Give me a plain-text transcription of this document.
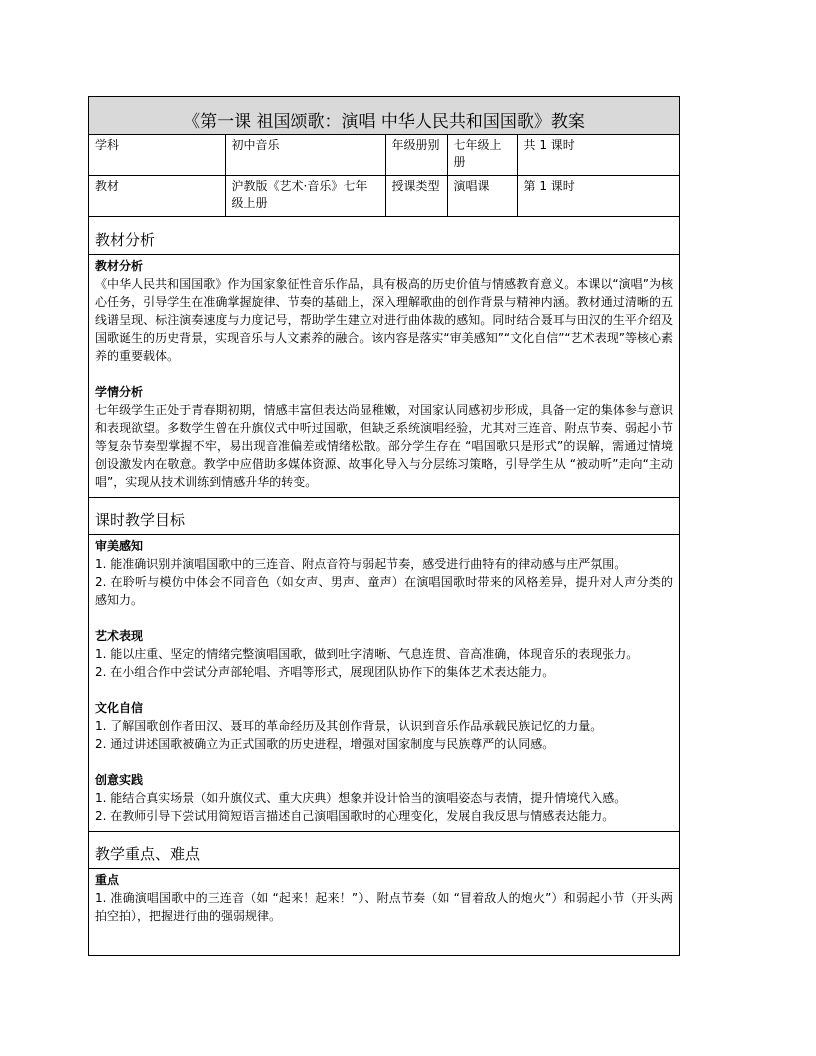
《第一课 祖国颂歌：演唱 中华人民共和国国歌》教案
学科	初中音乐	年级册别	七年级上册	共 1 课时
教材	沪教版《艺术·音乐》七年级上册	授课类型	演唱课	第 1 课时
教材分析
教材分析

《中华人民共和国国歌》作为国家象征性音乐作品，具有极高的历史价值与情感教育意义。本课以“演唱”为核心任务，引导学生在准确掌握旋律、节奏的基础上，深入理解歌曲的创作背景与精神内涵。教材通过清晰的五线谱呈现、标注演奏速度与力度记号，帮助学生建立对进行曲体裁的感知。同时结合聂耳与田汉的生平介绍及国歌诞生的历史背景，实现音乐与人文素养的融合。该内容是落实“审美感知”“文化自信”“艺术表现”等核心素养的重要载体。

学情分析

七年级学生正处于青春期初期，情感丰富但表达尚显稚嫩，对国家认同感初步形成，具备一定的集体参与意识和表现欲望。多数学生曾在升旗仪式中听过国歌，但缺乏系统演唱经验，尤其对三连音、附点节奏、弱起小节等复杂节奏型掌握不牢，易出现音准偏差或情绪松散。部分学生存在 “唱国歌只是形式”的误解，需通过情境创设激发内在敬意。教学中应借助多媒体资源、故事化导入与分层练习策略，引导学生从 “被动听”走向“主动唱”，实现从技术训练到情感升华的转变。

课时教学目标
审美感知

1. 能准确识别并演唱国歌中的三连音、附点音符与弱起节奏，感受进行曲特有的律动感与庄严氛围。

2. 在聆听与模仿中体会不同音色（如女声、男声、童声）在演唱国歌时带来的风格差异，提升对人声分类的感知力。

艺术表现

1. 能以庄重、坚定的情绪完整演唱国歌，做到吐字清晰、气息连贯、音高准确，体现音乐的表现张力。

2. 在小组合作中尝试分声部轮唱、齐唱等形式，展现团队协作下的集体艺术表达能力。

文化自信

1. 了解国歌创作者田汉、聂耳的革命经历及其创作背景，认识到音乐作品承载民族记忆的力量。

2. 通过讲述国歌被确立为正式国歌的历史进程，增强对国家制度与民族尊严的认同感。

创意实践

1. 能结合真实场景（如升旗仪式、重大庆典）想象并设计恰当的演唱姿态与表情，提升情境代入感。

2. 在教师引导下尝试用简短语言描述自己演唱国歌时的心理变化，发展自我反思与情感表达能力。

教学重点、难点
重点

1. 准确演唱国歌中的三连音（如 “起来！起来！”）、附点节奏（如 “冒着敌人的炮火”）和弱起小节（开头两拍空拍），把握进行曲的强弱规律。
